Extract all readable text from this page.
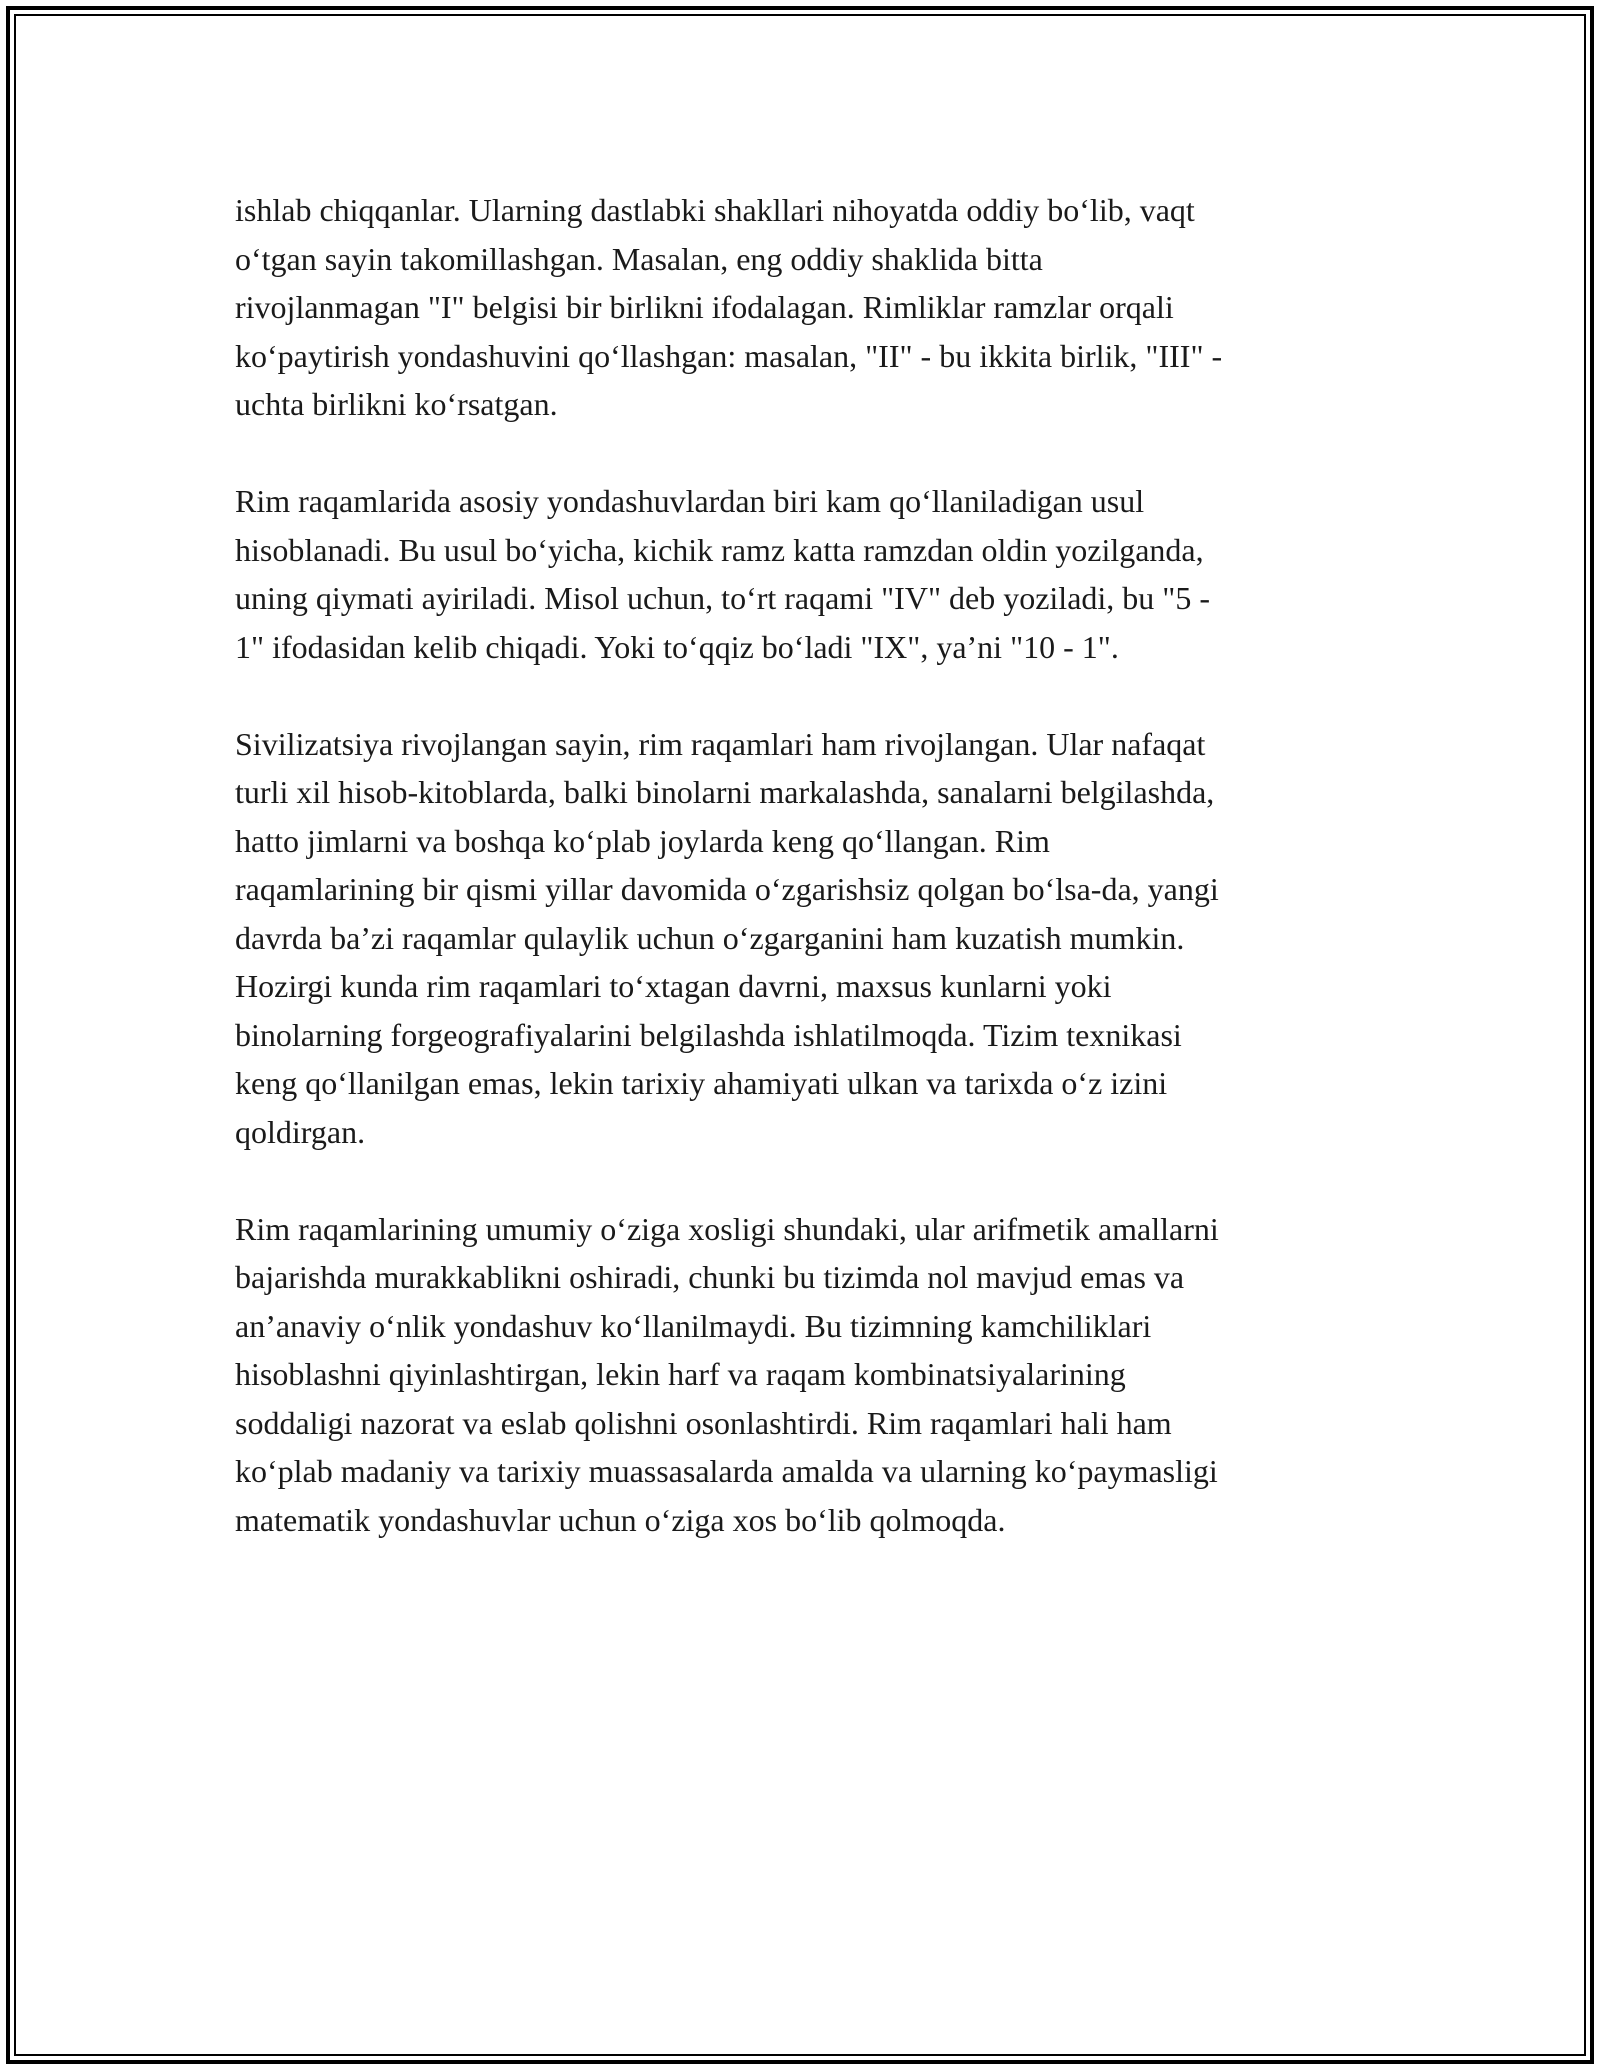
ishlab chiqqanlar. Ularning dastlabki shakllari nihoyatda oddiy bo‘lib, vaqt
o‘tgan sayin takomillashgan. Masalan, eng oddiy shaklida bitta
rivojlanmagan "I" belgisi bir birlikni ifodalagan. Rimliklar ramzlar orqali
ko‘paytirish yondashuvini qo‘llashgan: masalan, "II" - bu ikkita birlik, "III" -
uchta birlikni ko‘rsatgan.

Rim raqamlarida asosiy yondashuvlardan biri kam qo‘llaniladigan usul
hisoblanadi. Bu usul bo‘yicha, kichik ramz katta ramzdan oldin yozilganda,
uning qiymati ayiriladi. Misol uchun, to‘rt raqami "IV" deb yoziladi, bu "5 -
1" ifodasidan kelib chiqadi. Yoki to‘qqiz bo‘ladi "IX", ya’ni "10 - 1".

Sivilizatsiya rivojlangan sayin, rim raqamlari ham rivojlangan. Ular nafaqat
turli xil hisob-kitoblarda, balki binolarni markalashda, sanalarni belgilashda,
hatto jimlarni va boshqa ko‘plab joylarda keng qo‘llangan. Rim
raqamlarining bir qismi yillar davomida o‘zgarishsiz qolgan bo‘lsa-da, yangi
davrda ba’zi raqamlar qulaylik uchun o‘zgarganini ham kuzatish mumkin.
Hozirgi kunda rim raqamlari to‘xtagan davrni, maxsus kunlarni yoki
binolarning forgeografiyalarini belgilashda ishlatilmoqda. Tizim texnikasi
keng qo‘llanilgan emas, lekin tarixiy ahamiyati ulkan va tarixda o‘z izini
qoldirgan.

Rim raqamlarining umumiy o‘ziga xosligi shundaki, ular arifmetik amallarni
bajarishda murakkablikni oshiradi, chunki bu tizimda nol mavjud emas va
an’anaviy o‘nlik yondashuv ko‘llanilmaydi. Bu tizimning kamchiliklari
hisoblashni qiyinlashtirgan, lekin harf va raqam kombinatsiyalarining
soddaligi nazorat va eslab qolishni osonlashtirdi. Rim raqamlari hali ham
ko‘plab madaniy va tarixiy muassasalarda amalda va ularning ko‘paymasligi
matematik yondashuvlar uchun o‘ziga xos bo‘lib qolmoqda.
